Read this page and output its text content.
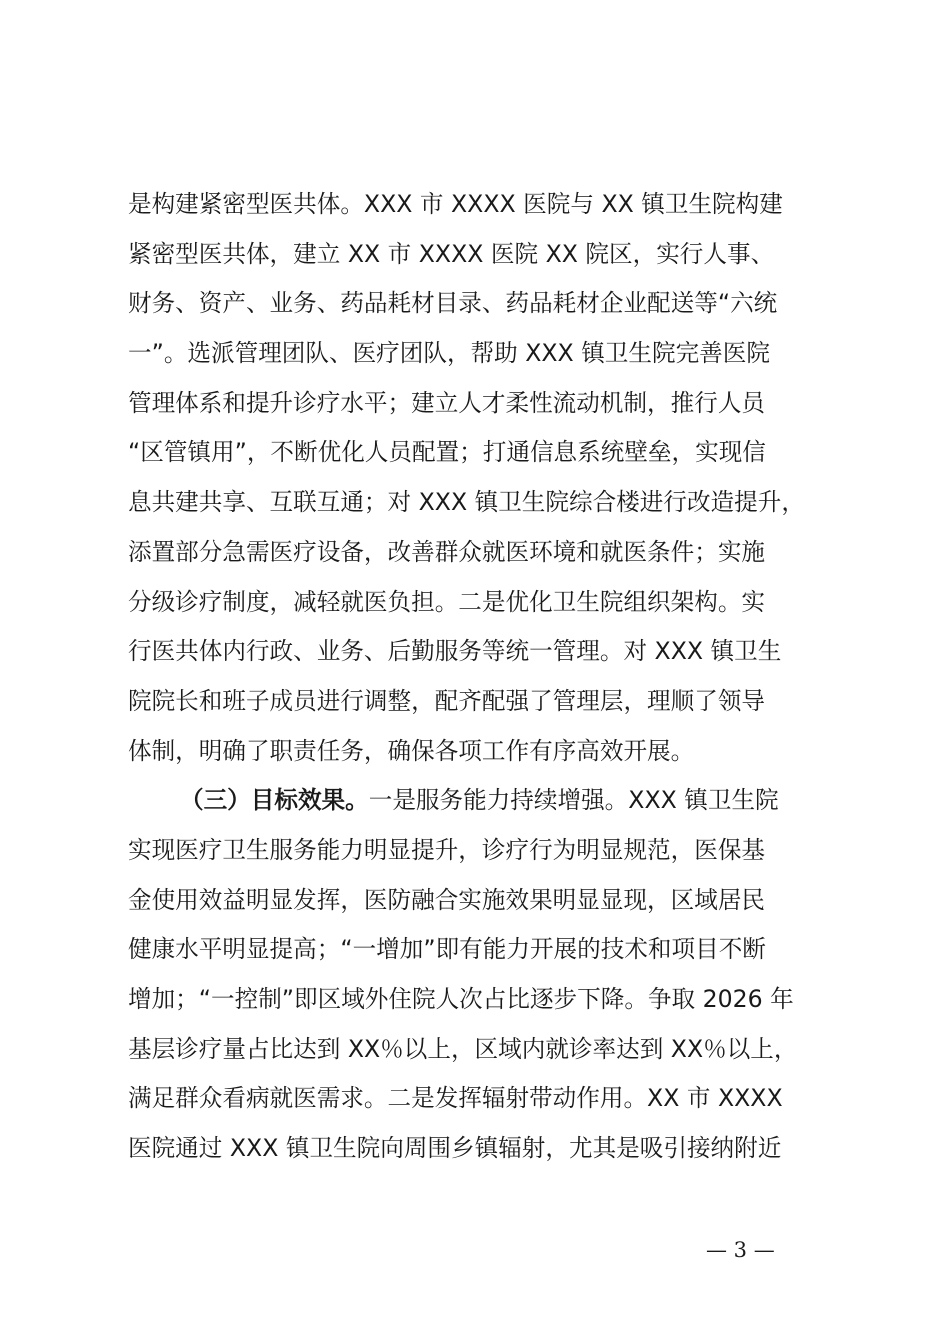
是构建紧密型医共体。XXX 市 XXXX 医院与 XX 镇卫生院构建
紧密型医共体，建立 XX 市 XXXX 医院 XX 院区，实行人事、
财务、资产、业务、药品耗材目录、药品耗材企业配送等“六统
一”。选派管理团队、医疗团队，帮助 XXX 镇卫生院完善医院
管理体系和提升诊疗水平；建立人才柔性流动机制，推行人员
“区管镇用”，不断优化人员配置；打通信息系统壁垒，实现信
息共建共享、互联互通；对 XXX 镇卫生院综合楼进行改造提升，
添置部分急需医疗设备，改善群众就医环境和就医条件；实施
分级诊疗制度，减轻就医负担。二是优化卫生院组织架构。实
行医共体内行政、业务、后勤服务等统一管理。对 XXX 镇卫生
院院长和班子成员进行调整，配齐配强了管理层，理顺了领导
体制，明确了职责任务，确保各项工作有序高效开展。
（三）目标效果。一是服务能力持续增强。XXX 镇卫生院
实现医疗卫生服务能力明显提升，诊疗行为明显规范，医保基
金使用效益明显发挥，医防融合实施效果明显显现，区域居民
健康水平明显提高；“一增加”即有能力开展的技术和项目不断
增加；“一控制”即区域外住院人次占比逐步下降。争取 2026 年
基层诊疗量占比达到 XX％以上，区域内就诊率达到 XX％以上，
满足群众看病就医需求。二是发挥辐射带动作用。XX 市 XXXX
医院通过 XXX 镇卫生院向周围乡镇辐射，尤其是吸引接纳附近
— 3 —
